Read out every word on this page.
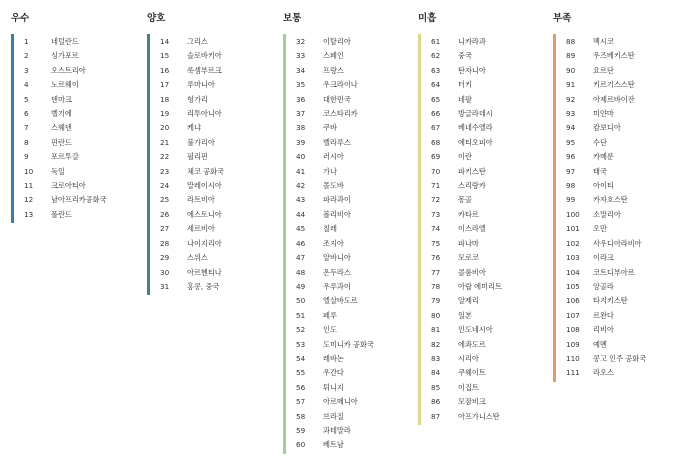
우수
1	네덜란드
2	싱가포르
3	오스트리아
4	노르웨이
5	덴마크
6	벨기에
7	스웨덴
8	핀란드
9	포르투갈
10	독일
11	크로아티아
12	남아프리카공화국
13	폴란드
양호
14	그리스
15	슬로바키아
16	룩셈부르크
17	루마니아
18	헝가리
19	리투아니아
20	케냐
21	불가리아
22	필리핀
23	체코 공화국
24	말레이시아
25	라트비아
26	에스토니아
27	세르비아
28	나이지리아
29	스위스
30	아르헨티나
31	홍콩, 중국
보통
32	이탈리아
33	스페인
34	프랑스
35	우크라이나
36	대한민국
37	코스타리카
38	쿠바
39	벨라루스
40	러시아
41	가나
42	몰도바
43	파라과이
44	볼리비아
45	칠레
46	조지아
47	알바니아
48	온두라스
49	우루과이
50	엘살바도르
51	페루
52	인도
53	도미니카 공화국
54	레바논
55	우간다
56	튀니지
57	아르메니아
58	브라질
59	과테말라
60	베트남
미흡
61	니카라과
62	중국
63	탄자니아
64	터키
65	네팔
66	방글라데시
67	베네수엘라
68	에티오피아
69	이란
70	파키스탄
71	스리랑카
72	몽골
73	카타르
74	이스라엘
75	파나마
76	모로코
77	콜롬비아
78	아랍 에미리트
79	알제리
80	일본
81	인도네시아
82	에콰도르
83	시리아
84	쿠웨이트
85	이집트
86	모잠비크
87	아프가니스탄
부족
88	멕시코
89	우즈베키스탄
90	요르단
91	키르기스스탄
92	아제르바이잔
93	미얀마
94	캄보디아
95	수단
96	카메룬
97	태국
98	아이티
99	카자흐스탄
100	소말리아
101	오만
102	사우디아라비아
103	이라크
104	코트디부아르
105	앙골라
106	타지키스탄
107	르완다
108	리비아
109	예멘
110	콩고 인주 공화국
111	라오스
